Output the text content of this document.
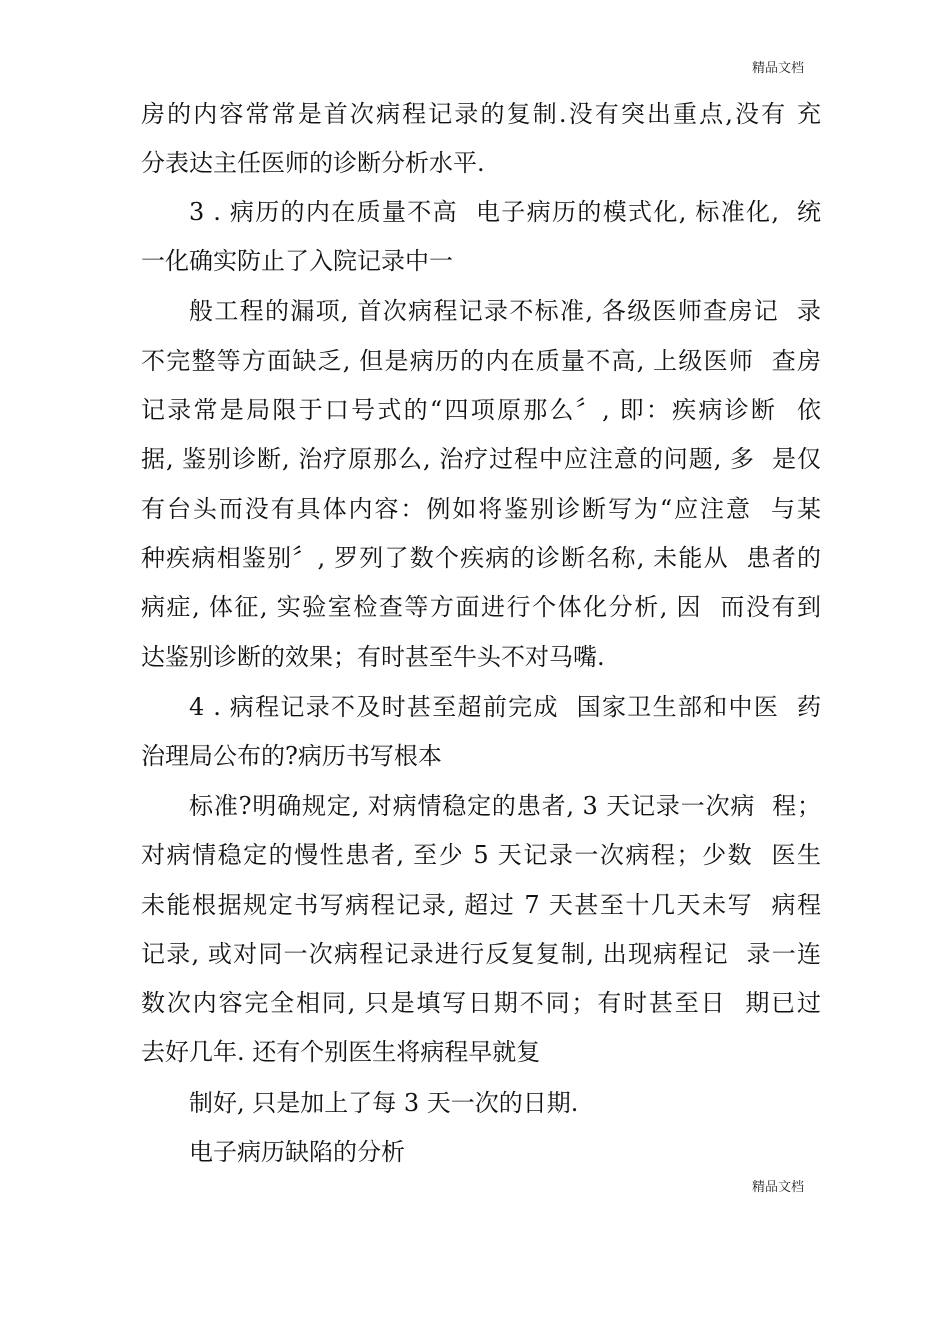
精品文档
房的内容常常是首次病程记录的复制.没有突出重点,没有 充
分表达主任医师的诊断分析水平.
3 . 病历的内在质量不高  电子病历的模式化, 标准化,  统
一化确实防止了入院记录中一
般工程的漏项, 首次病程记录不标准, 各级医师查房记  录
不完整等方面缺乏, 但是病历的内在质量不高, 上级医师  查房
记录常是局限于口号式的“四项原那么〞, 即：疾病诊断  依
据, 鉴别诊断, 治疗原那么, 治疗过程中应注意的问题, 多  是仅
有台头而没有具体内容：例如将鉴别诊断写为“应注意  与某
种疾病相鉴别〞, 罗列了数个疾病的诊断名称, 未能从  患者的
病症, 体征, 实验室检查等方面进行个体化分析, 因  而没有到
达鉴别诊断的效果；有时甚至牛头不对马嘴.
4 . 病程记录不及时甚至超前完成  国家卫生部和中医  药
治理局公布的?病历书写根本
标准?明确规定, 对病情稳定的患者, 3 天记录一次病  程；
对病情稳定的慢性患者, 至少 5 天记录一次病程；少数  医生
未能根据规定书写病程记录, 超过 7 天甚至十几天未写  病程
记录, 或对同一次病程记录进行反复复制, 出现病程记  录一连
数次内容完全相同, 只是填写日期不同；有时甚至日  期已过
去好几年. 还有个别医生将病程早就复
制好, 只是加上了每 3 天一次的日期.
电子病历缺陷的分析
精品文档
